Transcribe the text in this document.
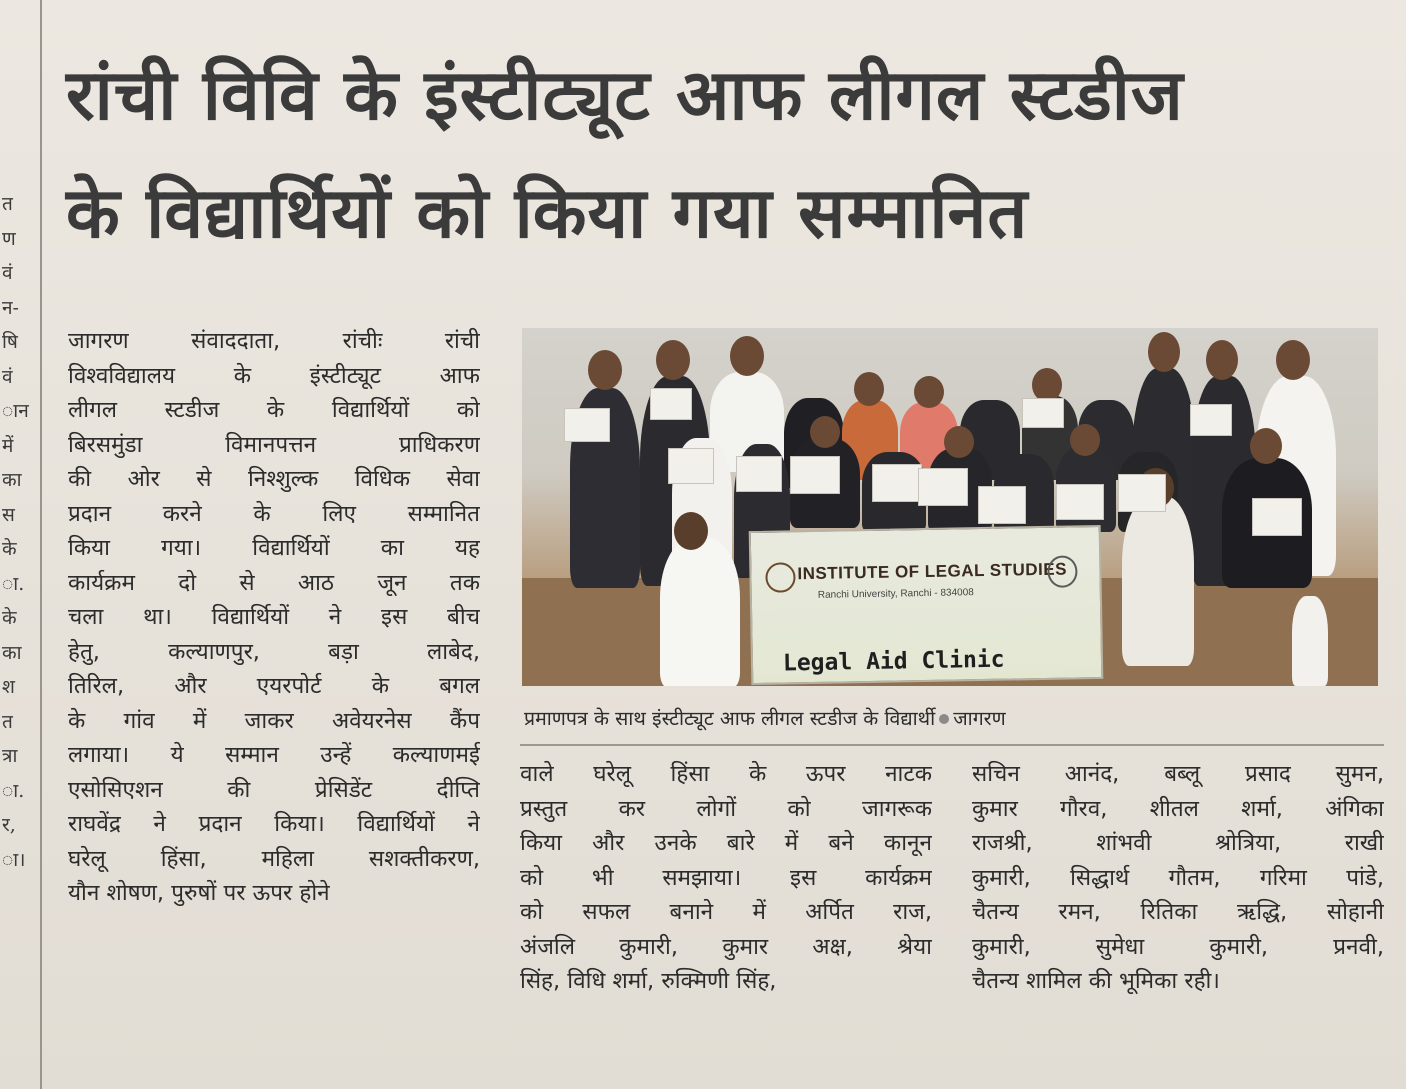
त
ण
वं
न-
षि
वं
ान
में
का
स
के
ा.
के
का
श
त
त्रा
ा.
र,
ा।
रांची विवि के इंस्टीट्यूट आफ लीगल स्टडीज
के विद्यार्थियों को किया गया सम्मानित
जागरण संवाददाता, रांचीः रांची
विश्वविद्यालय के इंस्टीट्यूट आफ
लीगल स्टडीज के विद्यार्थियों को
बिरसमुंडा विमानपत्तन प्राधिकरण
की ओर से निश्शुल्क विधिक सेवा
प्रदान करने के लिए सम्मानित
किया गया। विद्यार्थियों का यह
कार्यक्रम दो से आठ जून तक
चला था। विद्यार्थियों ने इस बीच
हेतु, कल्याणपुर, बड़ा लाबेद,
तिरिल, और एयरपोर्ट के बगल
के गांव में जाकर अवेयरनेस कैंप
लगाया। ये सम्मान उन्हें कल्याणमई
एसोसिएशन की प्रेसिडेंट दीप्ति
राघवेंद्र ने प्रदान किया। विद्यार्थियों ने
घरेलू हिंसा, महिला सशक्तीकरण,
यौन शोषण, पुरुषों पर ऊपर होने
INSTITUTE OF LEGAL STUDIES
Ranchi University, Ranchi - 834008
Legal Aid Clinic
प्रमाणपत्र के साथ इंस्टीट्यूट आफ लीगल स्टडीज के विद्यार्थी जागरण
वाले घरेलू हिंसा के ऊपर नाटक
प्रस्तुत कर लोगों को जागरूक
किया और उनके बारे में बने कानून
को भी समझाया। इस कार्यक्रम
को सफल बनाने में अर्पित राज,
अंजलि कुमारी, कुमार अक्ष, श्रेया
सिंह, विधि शर्मा, रुक्मिणी सिंह,
सचिन आनंद, बब्लू प्रसाद सुमन,
कुमार गौरव, शीतल शर्मा, अंगिका
राजश्री, शांभवी श्रोत्रिया, राखी
कुमारी, सिद्धार्थ गौतम, गरिमा पांडे,
चैतन्य रमन, रितिका ऋद्धि, सोहानी
कुमारी, सुमेधा कुमारी, प्रनवी,
चैतन्य शामिल की भूमिका रही।
